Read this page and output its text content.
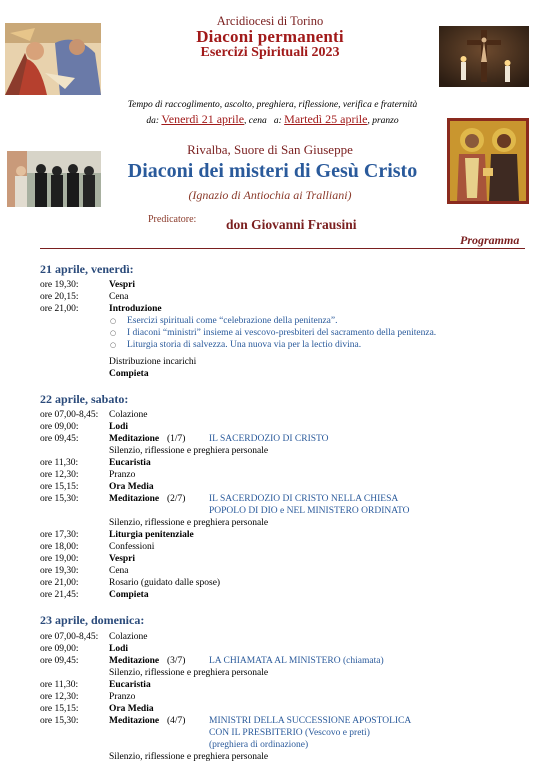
Arcidiocesi di Torino
Diaconi permanenti
Esercizi Spirituali 2023
Tempo di raccoglimento, ascolto, preghiera, riflessione, verifica e fraternità
da: Venerdì 21 aprile, cena a: Martedì 25 aprile, pranzo
Rivalba, Suore di San Giuseppe
Diaconi dei misteri di Gesù Cristo
(Ignazio di Antiochia ai Tralliani)
Predicatore: don Giovanni Frausini
Programma
21 aprile, venerdì:
ore 19,30:	Vespri
ore 20,15:	Cena
ore 21,00:	Introduzione
○ Esercizi spirituali come “celebrazione della penitenza”.
○ I diaconi “ministri” insieme ai vescovo-presbiteri del sacramento della penitenza.
○ Liturgia storia di salvezza. Una nuova via per la lectio divina.
Distribuzione incarichi
Compieta
22 aprile, sabato:
ore 07,00-8,45: Colazione
ore 09,00:	Lodi
ore 09,45:	Meditazione (1/7) IL SACERDOZIO DI CRISTO
Silenzio, riflessione e preghiera personale
ore 11,30:	Eucaristia
ore 12,30:	Pranzo
ore 15,15:	Ora Media
ore 15,30:	Meditazione (2/7) IL SACERDOZIO DI CRISTO NELLA CHIESA
POPOLO DI DIO e NEL MINISTERO ORDINATO
Silenzio, riflessione e preghiera personale
ore 17,30:	Liturgia penitenziale
ore 18,00:	Confessioni
ore 19,00:	Vespri
ore 19,30:	Cena
ore 21,00:	Rosario (guidato dalle spose)
ore 21,45:	Compieta
23 aprile, domenica:
ore 07,00-8,45: Colazione
ore 09,00:	Lodi
ore 09,45:	Meditazione (3/7) LA CHIAMATA AL MINISTERO (chiamata)
Silenzio, riflessione e preghiera personale
ore 11,30:	Eucaristia
ore 12,30:	Pranzo
ore 15,15:	Ora Media
ore 15,30:	Meditazione (4/7) MINISTRI DELLA SUCCESSIONE APOSTOLICA
CON IL PRESBITERIO (Vescovo e preti)
(preghiera di ordinazione)
Silenzio, riflessione e preghiera personale
